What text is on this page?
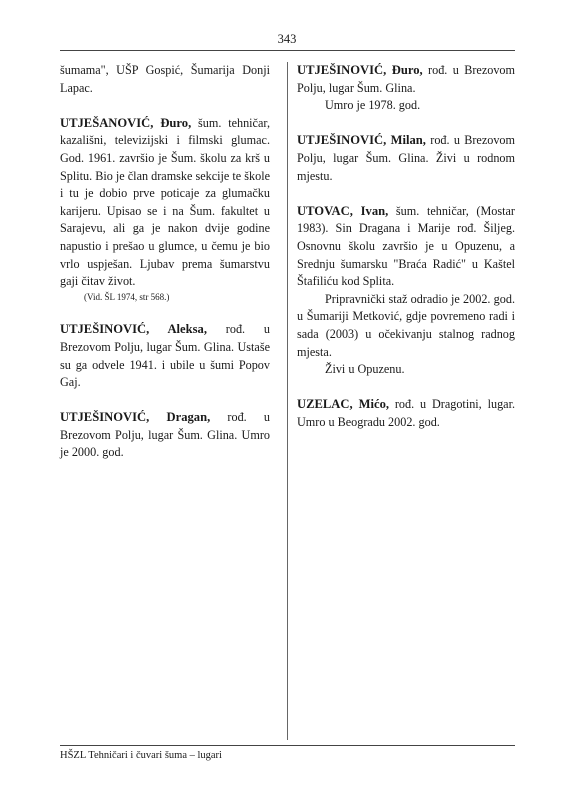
343

šumama", UŠP Gospić, Šumarija Donji Lapac.

UTJEŠANOVIĆ, Đuro, šum. tehničar, kazališni, televizijski i filmski glumac. God. 1961. završio je Šum. školu za krš u Splitu. Bio je član dramske sekcije te škole i tu je dobio prve poticaje za glumačku karijeru. Upisao se i na Šum. fakultet u Sarajevu, ali ga je nakon dvije godine napustio i prešao u glumce, u čemu je bio vrlo uspješan. Ljubav prema šumarstvu gaji čitav život.

(Vid. ŠL 1974, str 568.)

UTJEŠINOVIĆ, Aleksa, rođ. u Brezovom Polju, lugar Šum. Glina. Ustaše su ga odvele 1941. i ubile u šumi Popov Gaj.

UTJEŠINOVIĆ, Dragan, rođ. u Brezovom Polju, lugar Šum. Glina. Umro je 2000. god.

UTJEŠINOVIĆ, Đuro, rođ. u Brezovom Polju, lugar Šum. Glina.

Umro je 1978. god.

UTJEŠINOVIĆ, Milan, rođ. u Brezovom Polju, lugar Šum. Glina. Živi u rodnom mjestu.

UTOVAC, Ivan, šum. tehničar, (Mostar 1983). Sin Dragana i Marije rođ. Šiljeg. Osnovnu školu završio je u Opuzenu, a Srednju šumarsku "Braća Radić" u Kaštel Štafiliću kod Splita.

Pripravnički staž odradio je 2002. god. u Šumariji Metković, gdje povremeno radi i sada (2003) u očekivanju stalnog radnog mjesta.

Živi u Opuzenu.

UZELAC, Mićo, rođ. u Dragotini, lugar. Umro u Beogradu 2002. god.

HŠZL Tehničari i čuvari šuma – lugari
